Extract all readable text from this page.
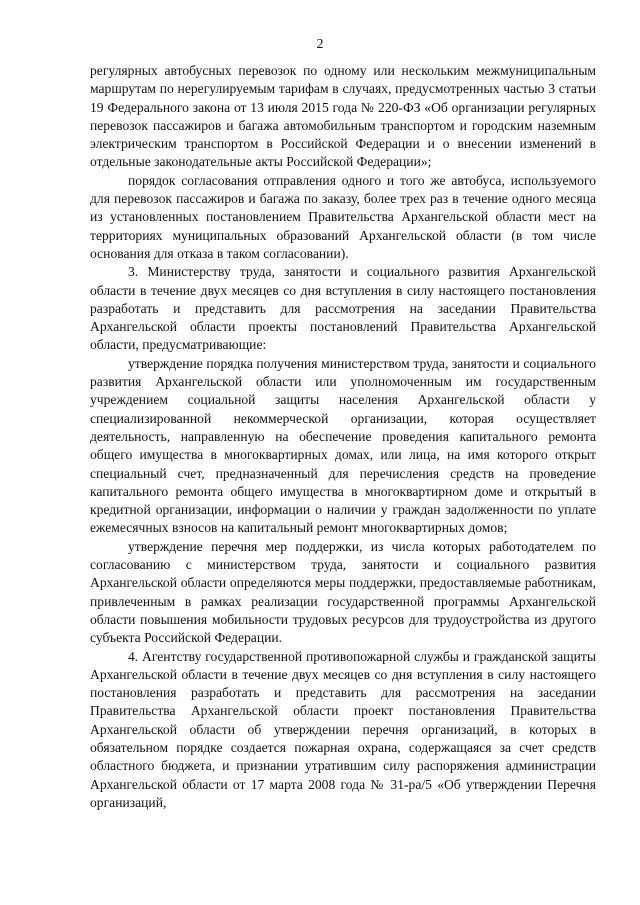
2

регулярных автобусных перевозок по одному или нескольким межмуниципальным маршрутам по нерегулируемым тарифам в случаях, предусмотренных частью 3 статьи 19 Федерального закона от 13 июля 2015 года № 220-ФЗ «Об организации регулярных перевозок пассажиров и багажа автомобильным транспортом и городским наземным электрическим транспортом в Российской Федерации и о внесении изменений в отдельные законодательные акты Российской Федерации»;

порядок согласования отправления одного и того же автобуса, используемого для перевозок пассажиров и багажа по заказу, более трех раз в течение одного месяца из установленных постановлением Правительства Архангельской области мест на территориях муниципальных образований Архангельской области (в том числе основания для отказа в таком согласовании).

3. Министерству труда, занятости и социального развития Архангельской области в течение двух месяцев со дня вступления в силу настоящего постановления разработать и представить для рассмотрения на заседании Правительства Архангельской области проекты постановлений Правительства Архангельской области, предусматривающие:

утверждение порядка получения министерством труда, занятости и социального развития Архангельской области или уполномоченным им государственным учреждением социальной защиты населения Архангельской области у специализированной некоммерческой организации, которая осуществляет деятельность, направленную на обеспечение проведения капитального ремонта общего имущества в многоквартирных домах, или лица, на имя которого открыт специальный счет, предназначенный для перечисления средств на проведение капитального ремонта общего имущества в многоквартирном доме и открытый в кредитной организации, информации о наличии у граждан задолженности по уплате ежемесячных взносов на капитальный ремонт многоквартирных домов;

утверждение перечня мер поддержки, из числа которых работодателем по согласованию с министерством труда, занятости и социального развития Архангельской области определяются меры поддержки, предоставляемые работникам, привлеченным в рамках реализации государственной программы Архангельской области повышения мобильности трудовых ресурсов для трудоустройства из другого субъекта Российской Федерации.

4. Агентству государственной противопожарной службы и гражданской защиты Архангельской области в течение двух месяцев со дня вступления в силу настоящего постановления разработать и представить для рассмотрения на заседании Правительства Архангельской области проект постановления Правительства Архангельской области об утверждении перечня организаций, в которых в обязательном порядке создается пожарная охрана, содержащаяся за счет средств областного бюджета, и признании утратившим силу распоряжения администрации Архангельской области от 17 марта 2008 года № 31-ра/5 «Об утверждении Перечня организаций,
